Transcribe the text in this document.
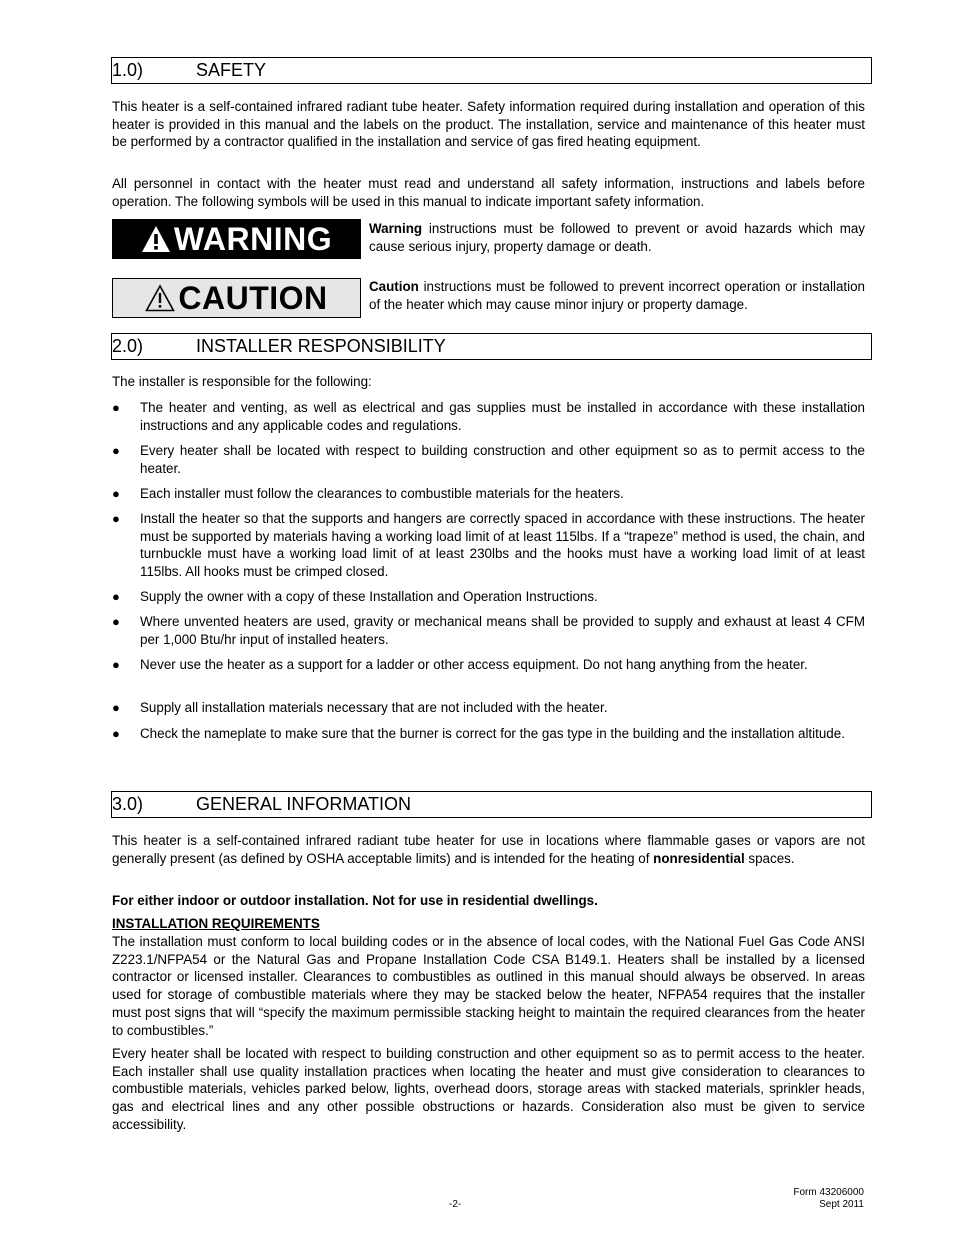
1.0)	SAFETY

This heater is a self-contained infrared radiant tube heater. Safety information required during installation and operation of this heater is provided in this manual and the labels on the product. The installation, service and maintenance of this heater must be performed by a contractor qualified in the installation and service of gas fired heating equipment.

All personnel in contact with the heater must read and understand all safety information, instructions and labels before operation. The following symbols will be used in this manual to indicate important safety information.

WARNING	Warning instructions must be followed to prevent or avoid hazards which may cause serious injury, property damage or death.

CAUTION	Caution instructions must be followed to prevent incorrect operation or installation of the heater which may cause minor injury or property damage.

2.0)	INSTALLER RESPONSIBILITY

The installer is responsible for the following:

● The heater and venting, as well as electrical and gas supplies must be installed in accordance with these installation instructions and any applicable codes and regulations.
● Every heater shall be located with respect to building construction and other equipment so as to permit access to the heater.
● Each installer must follow the clearances to combustible materials for the heaters.
● Install the heater so that the supports and hangers are correctly spaced in accordance with these instructions. The heater must be supported by materials having a working load limit of at least 115lbs. If a “trapeze” method is used, the chain, and turnbuckle must have a working load limit of at least 230lbs and the hooks must have a working load limit of at least 115lbs. All hooks must be crimped closed.
● Supply the owner with a copy of these Installation and Operation Instructions.
● Where unvented heaters are used, gravity or mechanical means shall be provided to supply and exhaust at least 4 CFM per 1,000 Btu/hr input of installed heaters.
● Never use the heater as a support for a ladder or other access equipment. Do not hang anything from the heater.
● Supply all installation materials necessary that are not included with the heater.
● Check the nameplate to make sure that the burner is correct for the gas type in the building and the installation altitude.
3.0)	GENERAL INFORMATION

This heater is a self-contained infrared radiant tube heater for use in locations where flammable gases or vapors are not generally present (as defined by OSHA acceptable limits) and is intended for the heating of nonresidential spaces.

For either indoor or outdoor installation. Not for use in residential dwellings.

INSTALLATION REQUIREMENTS

The installation must conform to local building codes or in the absence of local codes, with the National Fuel Gas Code ANSI Z223.1/NFPA54 or the Natural Gas and Propane Installation Code CSA B149.1. Heaters shall be installed by a licensed contractor or licensed installer. Clearances to combustibles as outlined in this manual should always be observed. In areas used for storage of combustible materials where they may be stacked below the heater, NFPA54 requires that the installer must post signs that will “specify the maximum permissible stacking height to maintain the required clearances from the heater to combustibles.”

Every heater shall be located with respect to building construction and other equipment so as to permit access to the heater. Each installer shall use quality installation practices when locating the heater and must give consideration to clearances to combustible materials, vehicles parked below, lights, overhead doors, storage areas with stacked materials, sprinkler heads, gas and electrical lines and any other possible obstructions or hazards. Consideration also must be given to service accessibility.

-2-
Form 43206000
Sept 2011
